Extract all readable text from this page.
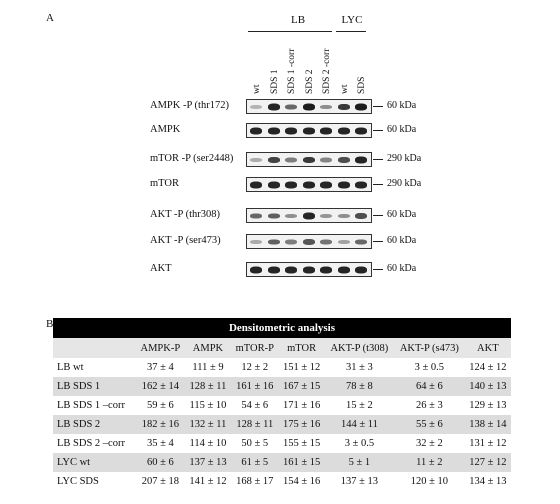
A
B
LB	LYC
wt SDS 1 SDS 1 -corr SDS 2 SDS 2 -corr wt SDS
AMPK -P (thr172)	60 kDa
AMPK	60 kDa
mTOR -P (ser2448)	290 kDa
mTOR	290 kDa
AKT -P (thr308)	60 kDa
AKT -P (ser473)	60 kDa
AKT	60 kDa
Densitometric analysis
	AMPK-P	AMPK	mTOR-P	mTOR	AKT-P (t308)	AKT-P (s473)	AKT
LB wt	37 ± 4	111 ± 9	12 ± 2	151 ± 12	31 ± 3	3 ± 0.5	124 ± 12
LB SDS 1	162 ± 14	128 ± 11	161 ± 16	167 ± 15	78 ± 8	64 ± 6	140 ± 13
LB SDS 1 –corr	59 ± 6	115 ± 10	54 ± 6	171 ± 16	15 ± 2	26 ± 3	129 ± 13
LB SDS 2	182 ± 16	132 ± 11	128 ± 11	175 ± 16	144 ± 11	55 ± 6	138 ± 14
LB SDS 2 –corr	35 ± 4	114 ± 10	50 ± 5	155 ± 15	3 ± 0.5	32 ± 2	131 ± 12
LYC wt	60 ± 6	137 ± 13	61 ± 5	161 ± 15	5 ± 1	11 ± 2	127 ± 12
LYC SDS	207 ± 18	141 ± 12	168 ± 17	154 ± 16	137 ± 13	120 ± 10	134 ± 13
